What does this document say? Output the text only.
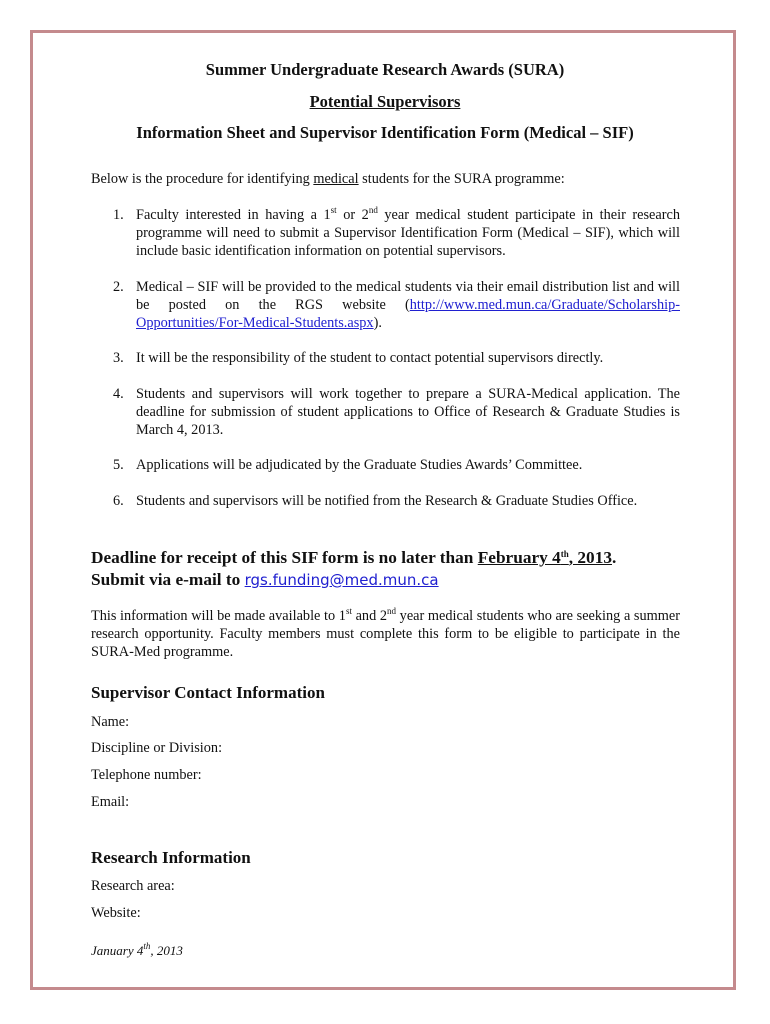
Summer Undergraduate Research Awards (SURA)
Potential Supervisors
Information Sheet and Supervisor Identification Form (Medical – SIF)
Below is the procedure for identifying medical students for the SURA programme:
1. Faculty interested in having a 1st or 2nd year medical student participate in their research programme will need to submit a Supervisor Identification Form (Medical – SIF), which will include basic identification information on potential supervisors.
2. Medical – SIF will be provided to the medical students via their email distribution list and will be posted on the RGS website (http://www.med.mun.ca/Graduate/Scholarship-Opportunities/For-Medical-Students.aspx).
3. It will be the responsibility of the student to contact potential supervisors directly.
4. Students and supervisors will work together to prepare a SURA-Medical application. The deadline for submission of student applications to Office of Research & Graduate Studies is March 4, 2013.
5. Applications will be adjudicated by the Graduate Studies Awards’ Committee.
6. Students and supervisors will be notified from the Research & Graduate Studies Office.
Deadline for receipt of this SIF form is no later than February 4th, 2013.
Submit via e-mail to rgs.funding@med.mun.ca
This information will be made available to 1st and 2nd year medical students who are seeking a summer research opportunity. Faculty members must complete this form to be eligible to participate in the SURA-Med programme.
Supervisor Contact Information
Name:
Discipline or Division:
Telephone number:
Email:
Research Information
Research area:
Website:
January 4th, 2013
